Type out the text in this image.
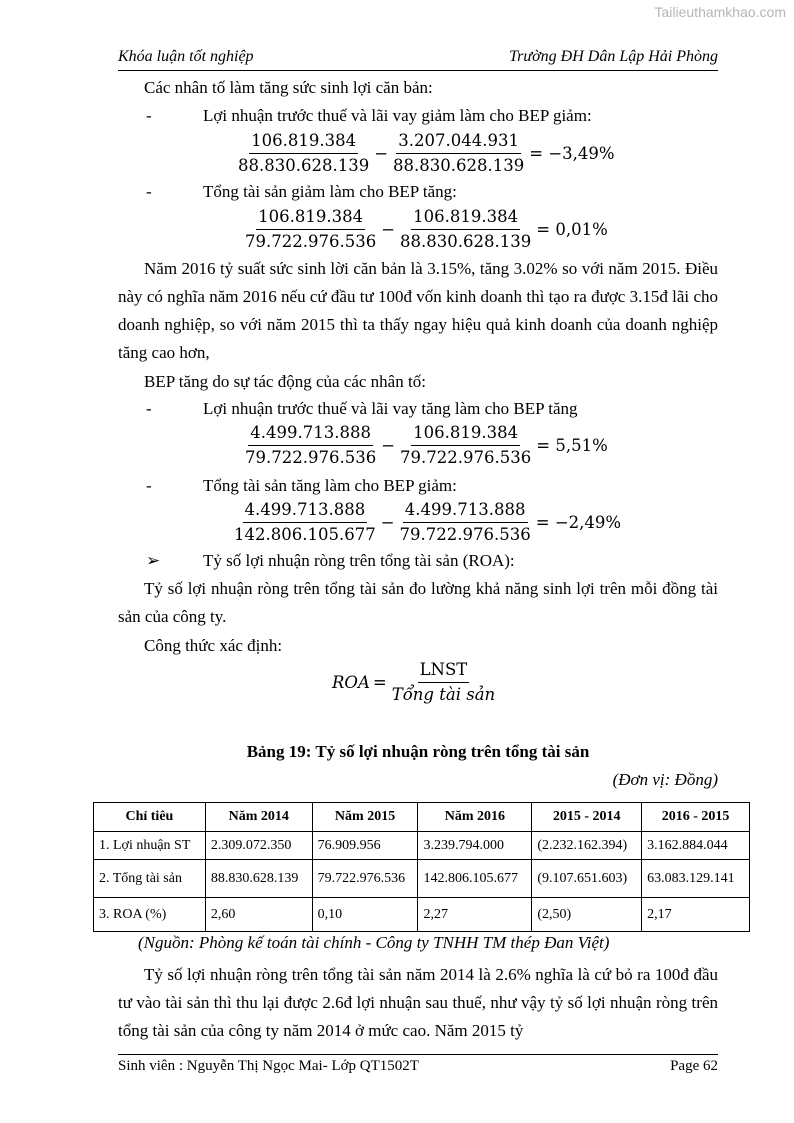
Tailieuthamkhao.com
Khóa luận tốt nghiệp	Trường ĐH Dân Lập Hải Phòng
Các nhân tố làm tăng sức sinh lợi căn bản:
-	Lợi nhuận trước thuế và lãi vay giảm làm cho BEP giảm:
$\frac{106.819.384}{88.830.628.139} - \frac{3.207.044.931}{88.830.628.139} = -3,49\%$
-	Tổng tài sản giảm làm cho BEP tăng:
$\frac{106.819.384}{79.722.976.536} - \frac{106.819.384}{88.830.628.139} = 0,01\%$
Năm 2016 tỷ suất sức sinh lời căn bản là 3.15%, tăng 3.02% so với năm 2015. Điều này có nghĩa năm 2016 nếu cứ đầu tư 100đ vốn kinh doanh thì tạo ra được 3.15đ lãi cho doanh nghiệp, so với năm 2015 thì ta thấy ngay hiệu quả kinh doanh của doanh nghiệp tăng cao hơn,
BEP tăng do sự tác động của các nhân tố:
-	Lợi nhuận trước thuế và lãi vay tăng làm cho BEP tăng
$\frac{4.499.713.888}{79.722.976.536} - \frac{106.819.384}{79.722.976.536} = 5,51\%$
-	Tổng tài sản tăng làm cho BEP giảm:
$\frac{4.499.713.888}{142.806.105.677} - \frac{4.499.713.888}{79.722.976.536} = -2,49\%$
➢	Tỷ số lợi nhuận ròng trên tổng tài sản (ROA):
Tỷ số lợi nhuận ròng trên tổng tài sản đo lường khả năng sinh lợi trên mỗi đồng tài sản của công ty.
Công thức xác định:
ROA = $\frac{\text{LNST}}{\text{Tổng tài sản}}$
Bảng 19: Tỷ số lợi nhuận ròng trên tổng tài sản
(Đơn vị: Đồng)
Chỉ tiêu	Năm 2014	Năm 2015	Năm 2016	2015 - 2014	2016 - 2015
1. Lợi nhuận ST	2.309.072.350	76.909.956	3.239.794.000	(2.232.162.394)	3.162.884.044
2. Tổng tài sản	88.830.628.139	79.722.976.536	142.806.105.677	(9.107.651.603)	63.083.129.141
3. ROA (%)	2,60	0,10	2,27	(2,50)	2,17
(Nguồn: Phòng kế toán tài chính - Công ty TNHH TM thép Đan Việt)
Tỷ số lợi nhuận ròng trên tổng tài sản năm 2014 là 2.6% nghĩa là cứ bỏ ra 100đ đầu tư vào tài sản thì thu lại được 2.6đ lợi nhuận sau thuế, như vậy tỷ số lợi nhuận ròng trên tổng tài sản của công ty năm 2014 ở mức cao. Năm 2015 tỷ
Sinh viên : Nguyễn Thị Ngọc Mai- Lớp QT1502T	Page 62
